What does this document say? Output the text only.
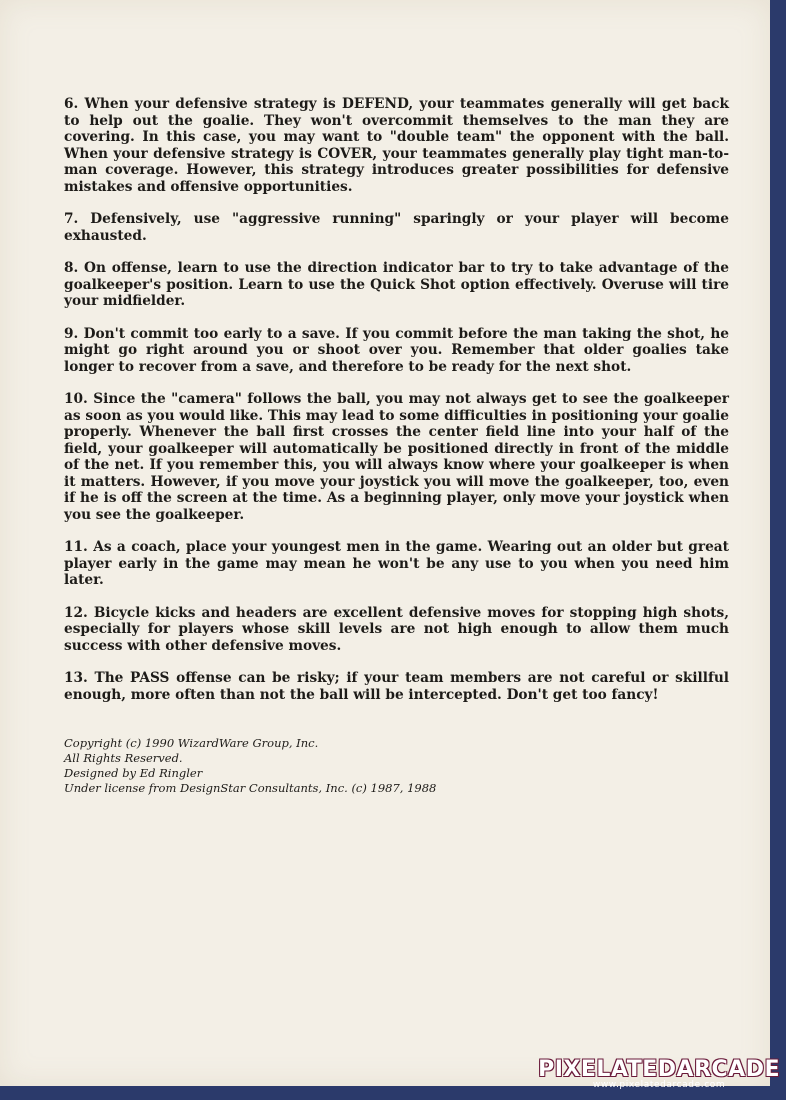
6. When your defensive strategy is DEFEND, your teammates generally will get back to help out the goalie. They won't overcommit themselves to the man they are covering. In this case, you may want to "double team" the opponent with the ball. When your defensive strategy is COVER, your teammates generally play tight man-to-man coverage. However, this strategy introduces greater possibilities for defensive mistakes and offensive opportunities.

7. Defensively, use "aggressive running" sparingly or your player will become exhausted.

8. On offense, learn to use the direction indicator bar to try to take advantage of the goalkeeper's position. Learn to use the Quick Shot option effectively. Overuse will tire your midfielder.

9. Don't commit too early to a save. If you commit before the man taking the shot, he might go right around you or shoot over you. Remember that older goalies take longer to recover from a save, and therefore to be ready for the next shot.

10. Since the "camera" follows the ball, you may not always get to see the goalkeeper as soon as you would like. This may lead to some difficulties in positioning your goalie properly. Whenever the ball first crosses the center field line into your half of the field, your goalkeeper will automatically be positioned directly in front of the middle of the net. If you remember this, you will always know where your goalkeeper is when it matters. However, if you move your joystick you will move the goalkeeper, too, even if he is off the screen at the time. As a beginning player, only move your joystick when you see the goalkeeper.

11. As a coach, place your youngest men in the game. Wearing out an older but great player early in the game may mean he won't be any use to you when you need him later.

12. Bicycle kicks and headers are excellent defensive moves for stopping high shots, especially for players whose skill levels are not high enough to allow them much success with other defensive moves.

13. The PASS offense can be risky; if your team members are not careful or skillful enough, more often than not the ball will be intercepted. Don't get too fancy!

Copyright (c) 1990 WizardWare Group, Inc.
All Rights Reserved.
Designed by Ed Ringler
Under license from DesignStar Consultants, Inc. (c) 1987, 1988
PIXELATEDARCADE
www.pixelatedarcade.com
